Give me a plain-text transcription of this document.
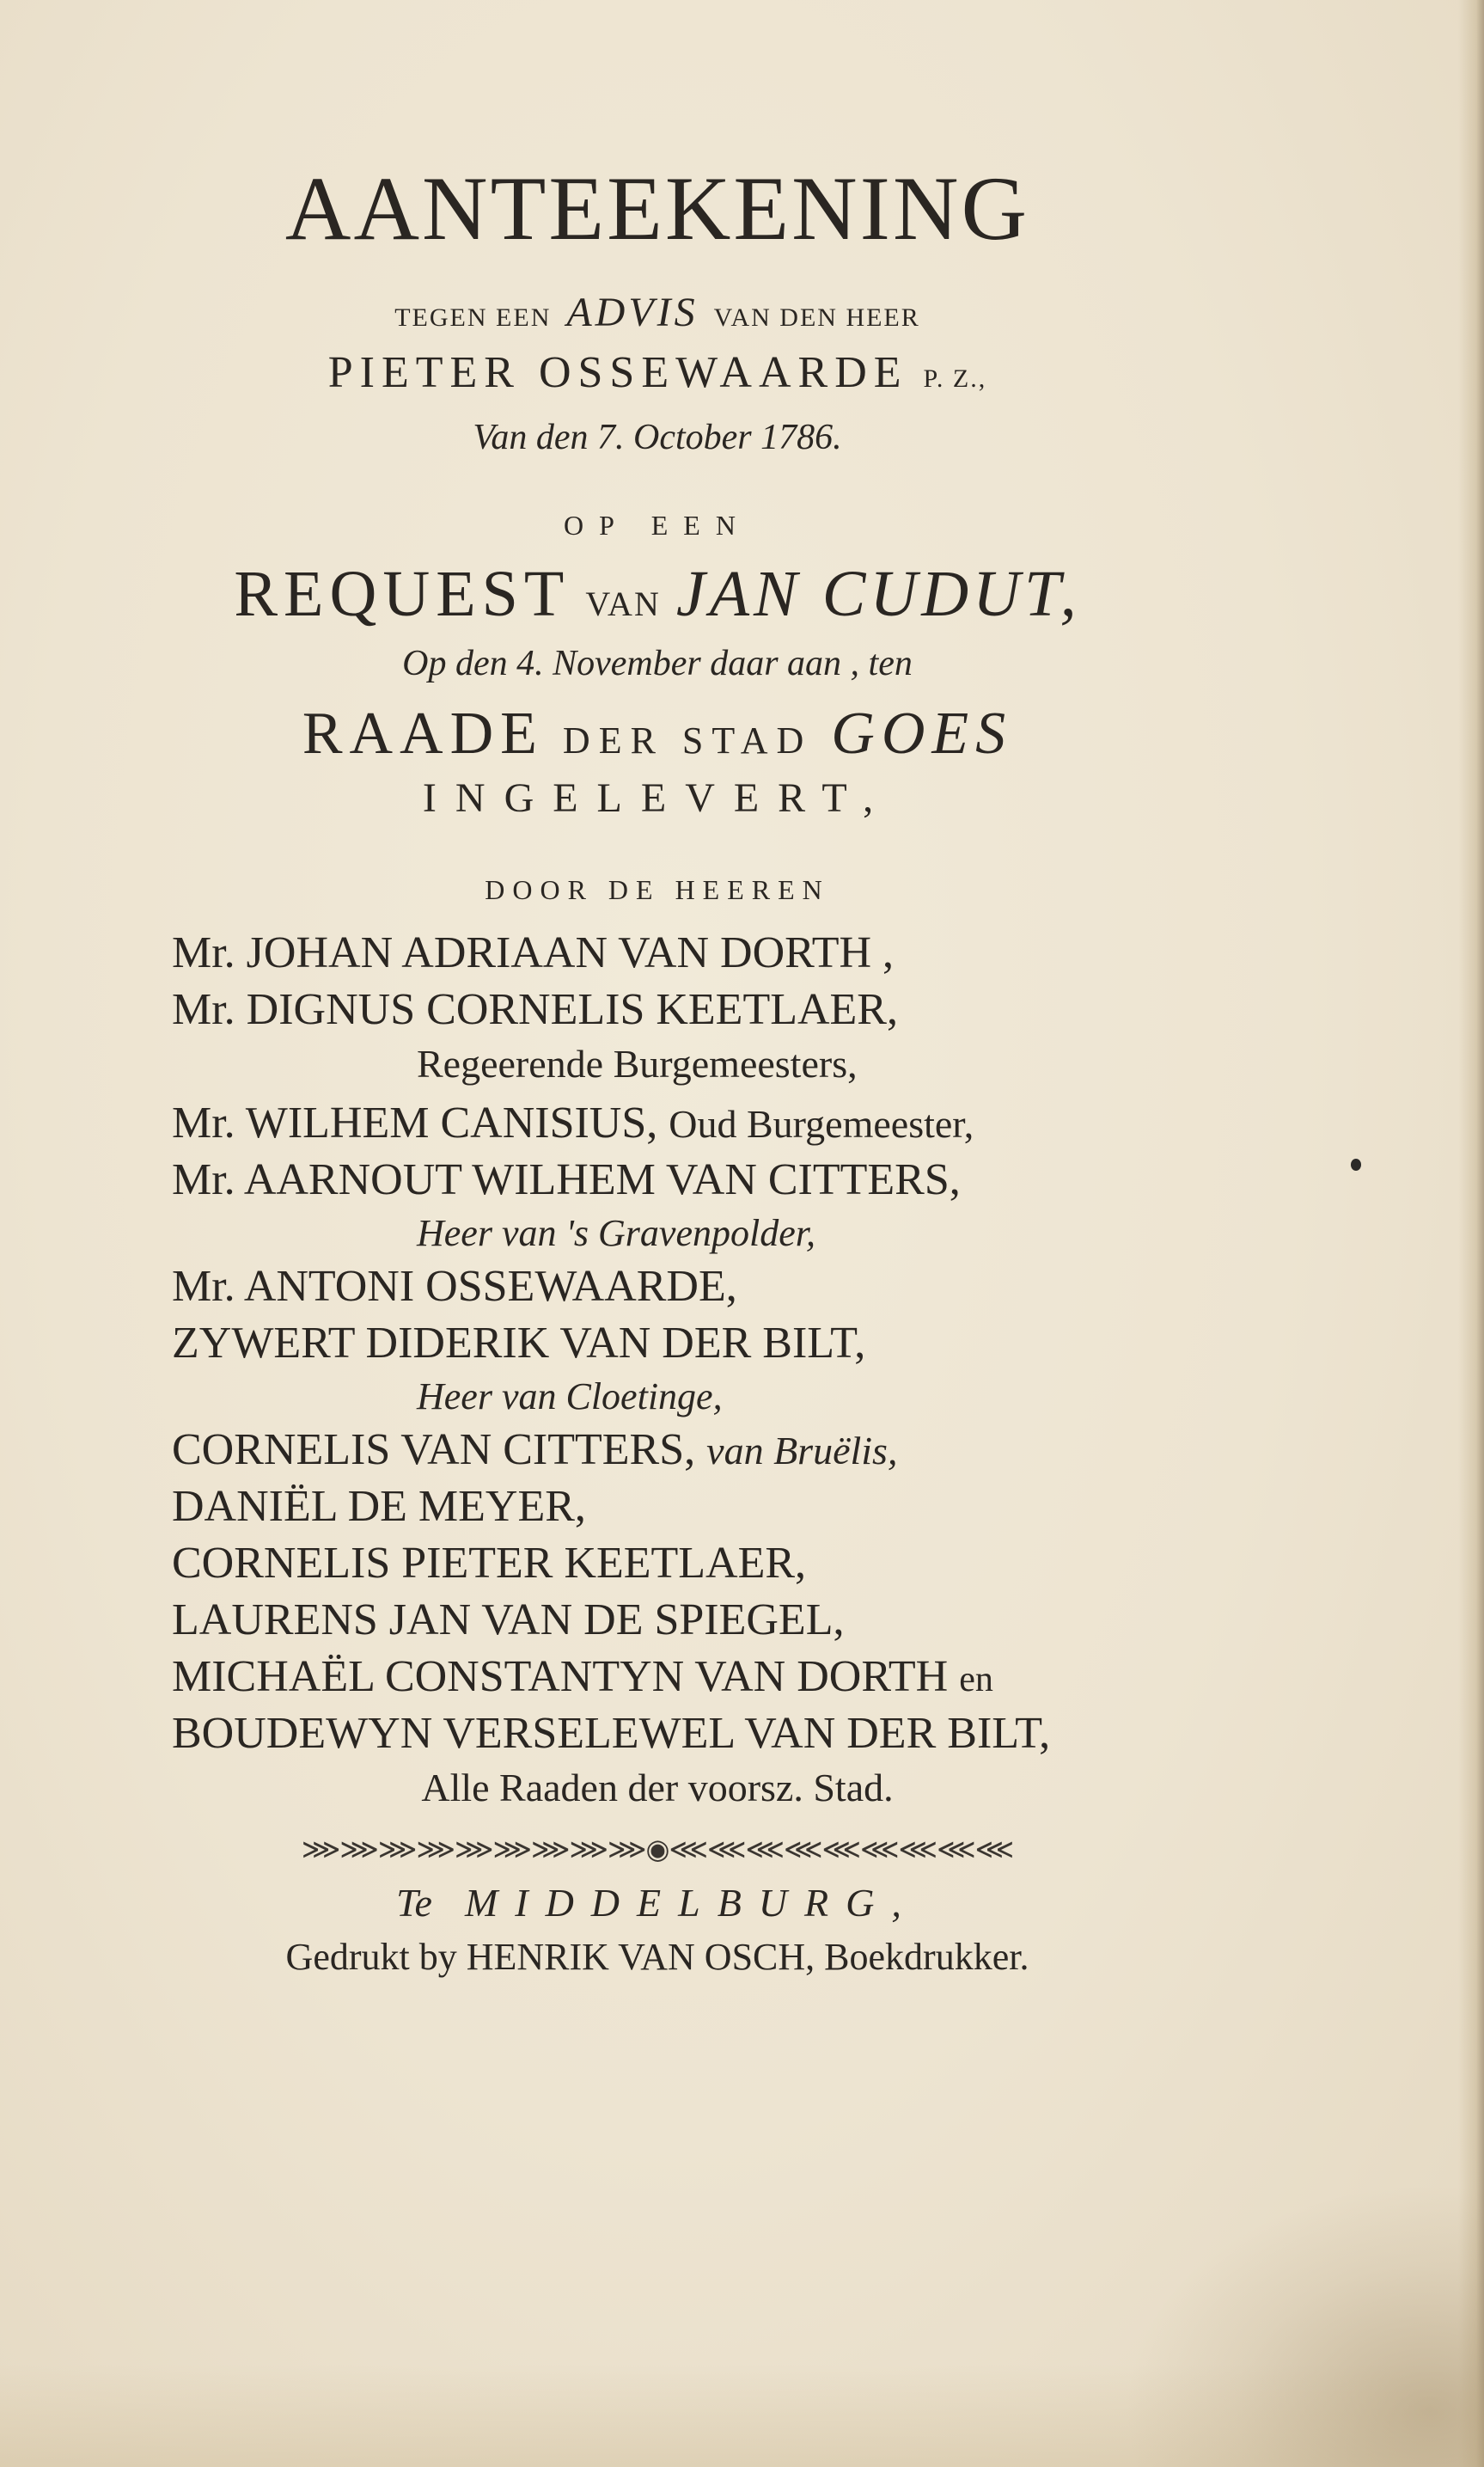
AANTEEKENING
TEGEN EEN ADVIS VAN DEN HEER
PIETER OSSEWAARDE P. Z.,
Van den 7. October 1786.
OP EEN
REQUEST VAN JAN CUDUT,
Op den 4. November daar aan , ten
RAADE DER STAD GOES
INGELEVERT,
DOOR DE HEEREN
Mr. JOHAN ADRIAAN VAN DORTH ,
Mr. DIGNUS CORNELIS KEETLAER,
Regeerende Burgemeesters,
Mr. WILHEM CANISIUS, Oud Burgemeester,
Mr. AARNOUT WILHEM VAN CITTERS,
Heer van 's Gravenpolder,
Mr. ANTONI OSSEWAARDE,
ZYWERT DIDERIK VAN DER BILT,
Heer van Cloetinge,
CORNELIS VAN CITTERS, van Bruëlis,
DANIËL DE MEYER,
CORNELIS PIETER KEETLAER,
LAURENS JAN VAN DE SPIEGEL,
MICHAËL CONSTANTYN VAN DORTH en
BOUDEWYN VERSELEWEL VAN DER BILT,
Alle Raaden der voorsz. Stad.
⋙⋙⋙⋙⋙⋙⋙⋙⋙◉⋘⋘⋘⋘⋘⋘⋘⋘⋘
Te MIDDELBURG,
Gedrukt by HENRIK VAN OSCH, Boekdrukker.
